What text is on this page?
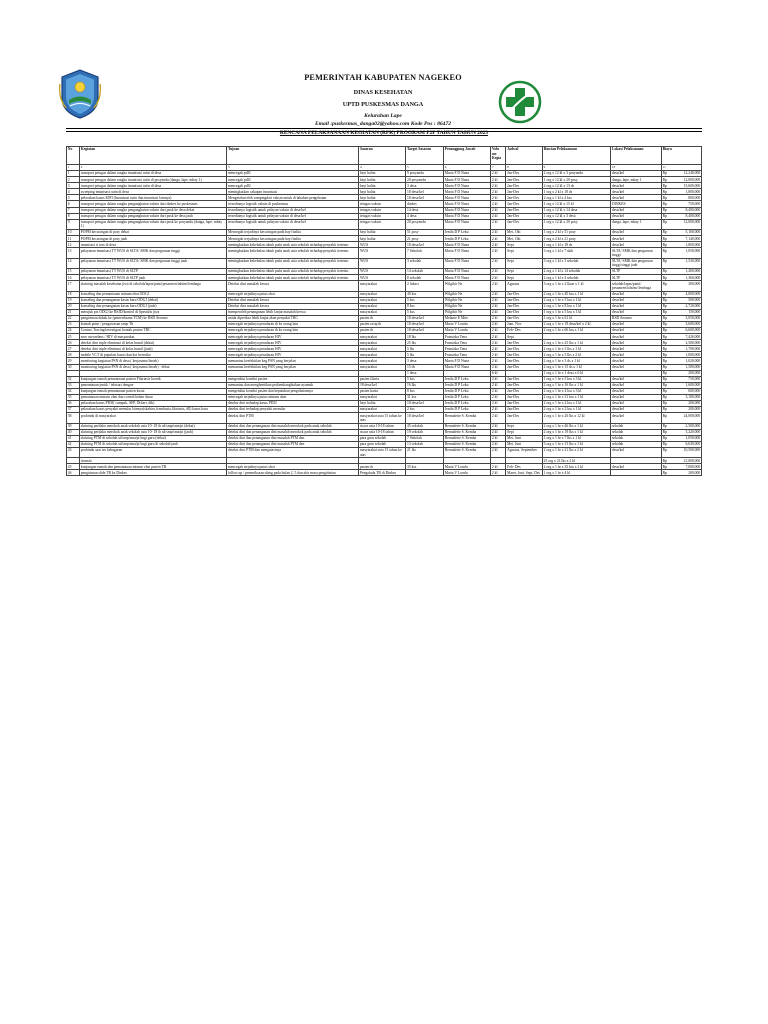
PEMERINTAH KABUPATEN NAGEKEO
DINAS KESEHATAN
UPTD PUSKESMAS DANGA
Kelurahan Lape
Email :puskesmas_danga02@yahoo.com Kode Pos : 86472
RENCANA PELAKSANAAN KEGIATAN (RPK) PROGRAM P2P TAHUN TAHUN 2023
No	Kegiatan	Tujuan	Sasaran	Target Sasaran	Penanggung Jawab	Volu me Kegia	Jadwal	Rincian Pelaksanaan	Lokasi Pelaksanaan	Biaya
1	2	3	4	5	6	7	8	9	10	11
1	transport petugas dalam rangka imunisasi rutin di desa	mencegah pd3I	bayi balita	9 posyandu	Maria F D Nuna	2 kl	Jan-Des	2 org x 12 kl x 3 posyandu	desa/kel	Rp 12,240,000

2	transport petugas dalam rangka imunisasi rutin di posyandu (danga, lape, mbay 1)	mencegah pd3I	bayi balita	20 posyandu	Maria F D Nuna	2 kl	Jan-Des	1 org x 12 kl x 20 posy	danga, lape, mbay 1	Rp 12,000,000

3	transport petugas dalam rangka imunisasi rutin di desa	mencegah pd3I	bayi balita	3 desa	Maria F D Nuna	2 kl	Jan-Des	2 org x 12 kl x 13 ds	desa/kel	Rp 15,600,000

4	sweeping imunisasi rutin di desa	meningkatkan cakupan imunisasi	bayi balita	18 desa/kel	Maria F D Nuna	2 kl	Jan-Des	1 org x 2 kl x 18 ds	desa/kel	Rp 1,800,000

5	pelacakan kasus KIPI (Imunisasi rutin dan imunisasi lainnya)	Mengetahui efek sampingdari vaksin untuk di lakukan pengobatan	bayi balita	18 desa/kel	Maria F D Nuna	2 kl	Jan-Des	2 org x 1 kl x 4 kss	desa/kel	Rp 800,000

6	transport petugas dalam rangka pengangkutan vaksin dari dinkes ke puskesmas	tersedianya logistik vaksin di puskesmas	tetugas vaksin	dinkes	Maria F D Nuna	2 kl	Jan-Des	1 org x 12 kl x 15 kl	DINKES	Rp 750,000

7	transport petugas dalam rangka pengangkutan vaksin dari pusk ke desa dekat	tersedianya logistik untuk pelayan vaksin di desa/kel	tetugas vaksin	14 desa	Maria F D Nuna	2 kl	Jan-Des	1 org x 12 kl x 14 desa	desa/kel	Rp 8,400,000

8	transport petugas dalam rangka pengangkutan vaksin dari pusk ke desa jauh	tersedianya logistik untuk pelayan vaksin di desa/kel	tetugas vaksin	4 desa	Maria F D Nuna	2 kl	Jan-Des	1 org x 12 kl x 3 desa	desa/kel	Rp 8,400,000

9	transport petugas dalam rangka pengangkutan vaksin dari pusk ke posyandu (danga, lape, mbay 1)	tersedianya logistik untuk pelayan vaksin di desa/kel	tetugas vaksin	20 posyandu	Maria F D Nuna	2 kl	Jan-Des	1 org x 12 kl x 20 posy	danga, lape, mbay 1	Rp 12,000,000

10	POPM kecacingan di posy dekat	Mencegah terjadinya kecacingan pada bayi balita	bayi balita	51 posy	Jenifa D P Leku	2 kl	Mei, Okt	1 org x 2 kl x 51 posy	desa/kel	Rp 5,100,000

11	POPM kecacingan di posy jauh	Mencegah terjadinya kecacingan pada bayi balita	bayi balita	21 posy	Jenifa D P Leku	2 kl	Mei, Okt	1 org x 2 kl x 21 posy	desa/kel	Rp 7,140,000

12	imunisasi tt wus di desa	meningkatkan kekebalan tubuh pada anak usia sekolah terhadap penyakit tertentu	WUS	18 desa/kel	Maria F D Nuna	2 kl	Sept	1 org x 1 kl x 18 ds	desa/kel	Rp 1,800,000

13	pelayanan imunisasi TT WUS di SLTA/ SMK dan perguruan tinggi	meningkatkan kekebalan tubuh pada anak usia sekolah terhadap penyakit tertentu	WUS	7 Sekolah	Maria F D Nuna	2 kl	Sept	3 org x 1 kl x 7 skih	SLTA/ SMK dan perguruan tinggi	Rp 1,050,000

14	pelayanan imunisasi TT WUS di SLTA/ SMK dan perguruan tinggi jauh	meningkatkan kekebalan tubuh pada anak usia sekolah terhadap penyakit tertentu	WUS	3 sekolah	Maria F D Nuna	2 kl	Sept	3 org x 1 kl x 3 sekolah	SLTA/ SMK dan perguruan tinggi tinggi jauh	Rp 1,530,000

15	pelayanan imunisasi TT WUS di SLTP	meningkatkan kekebalan tubuh pada anak usia sekolah terhadap penyakit tertentu	WUS	14 sekolah	Maria F D Nuna	2 kl	Sept	2 org x 1 kl x 14 sekolah	SLTP	Rp 1,400,000

16	pelayanan imunisasi TT WUS di SLTP jauh	meningkatkan kekebalan tubuh pada anak usia sekolah terhadap penyakit tertentu	WUS	8 sekolah	Maria F D Nuna	2 kl	Sept	2 org x 1 kl x 4 sekolah	SLTP	Rp 1,360,000

17	skrining masalah kesehatan jiwa di sekolah/lapas/panti/pesantren/tahtim/lembaga	Deteksi dini masalah keswa	masyarakat	2 lokasi	Wilgibir Ne	2 kl	Agustus	3 org x 1 hr x 2 lkasi x 1 kl	sekolah/lapas/panti/ pesantren/tahtim/ lembaga	Rp 300,000

18	konseling dan pemantauan minum obat ODGJ	mencegah terjadinya putus obat	masyarakat	40 kss	Wilgibir Ne	2 kl	Jan-Des	2 org x 1 hr x 40 kss x 1 kl	desa/kel	Rp 4,000,000

19	konseling dan penanganan kasus baru ODGJ (dekat)	Deteksi dini masalah keswa	masyarakat	5 kss	Wilgibir Ne	2 kl	Jan-Des	2 org x 1 hr x 5 kss x 1 kl	desa/kel	Rp 500,000

20	konseling dan penanganan kasus baru ODGJ (jauh)	Deteksi dini masalah keswa	masyarakat	8 kss	Wilgibir Ne	2 kl	Jan-Des	2 org x 1 hr x 8 kss x 1 kl	desa/kel	Rp 2,720,000

21	merujuk pts ODGJ ke RSJD/kontrol di Spesialis jiwa	memperoleh penanganan lebih lanjut masalah keswa	masyarakat	5 kss	Wilgibir Ne	2 kl	Jan-Des	1 org x 1 hr x 5 kss x 1 kl	desa/kel	Rp 150,000

22	pengiriman dahak ke (pemeriksaan TCM) ke RSD Aeramo	untuk diperiksa lebih lanjut akan penyakit TBC	pasien tb	18 desa/kel	Melanie E Mite	2 kl	Jan-Des	1 org x 1 hr x 61 kl	RSD Aeramo	Rp 3,050,000

23	kontak point / pengawasan rasip Tb	mencegah terjadinya penularan tb ke orang lain	pasien rasip tb	18 desa/kel	Maria V Londu	2 kl	Juni, Nov	2 org x 1 hr x 18 desa/kel x 2 kl	desa/kel	Rp 3,600,000

24	Contact Tracing/investigasi kontak pasien TBC	mencegah terjadinya penularan tb ke orang lain	pasien tb	18 desa/kel	Maria V Londu	2 kl	Feb- Des	2 org x 1 hr x 66 kss x 1 kl	desa/kel	Rp 6,600,000

25	zero survaelans / HIV di masyarakat	mencegah terjadinya penularan HIV	masyarakat	18 lks	Fransiska Tena	2 kl	Sept		desa/kel	Rp 7,420,000

26	deteksi dini triple eliminasi di kelas bumil (dekat)	mencegah terjadinya penularan HIV	masyarakat	25 lks	Fransiska Tena	2 kl	Jan-Des	2 org x 1 hr x 25 lks x 1 kl	desa/kel	Rp 2,500,000

27	deteksi dini triple eliminasi di kelas bumil (jauh)	mencegah terjadinya penularan HIV	masyarakat	5 lks	Fransiska Tena	2 kl	Jan-Des	2 org x 1 hr x 5 lks x 1 kl	desa/kel	Rp 1,700,000

28	mobile VCT di populasi kunci dan kss beresiko	mencegah terjadinya penularan HIV	masyarakat	5 lks	Fransiska Tena	2 kl	Jan-Des	2 org x 1 hr x 5 lks x 2 kl	desa/kel	Rp 1,000,000

29	monitoring kegiatan PSN di desa ( kerjasama linsek)	memantau keefektifan keg PSN yang berjalan	masyarakat	3 desa	Maria F D Nuna	2 kl	Jan-Des	2 org x 1 hr x 3 ds x 1 kl	desa/kel	Rp 1,020,000

30	monitoring kegiatan PSN di desa ( kerjasama linsek) - dekat	memantau keefektifan keg PSN yang berjalan	masyarakat	15 ds	Maria F D Nuna	2 kl	Jan-Des	2 org x 1 hr x 15 ds x 1 kl	desa/kel	Rp 1,500,000

				1 desa		6 kl		1 org x 1 hr x 1 desa x 6 kl		Rp 200,000

32	kunjungan rumah pemantauan pasien Filariasis kronik	mengetahui kondisi pasien	pasien filaria	5 kss	Jenifa D P Leku	2 kl	Jan-Des	1 org x 1 hr x 5 kss x 3 kl	desa/kel	Rp 750,000

33	pemantauan jentik / telusuri dengue	memantau dan menghentikan perkembangbiakan nyamuk	18 desa/kel	16 lks	Jenifa D P Leku	2 kl	Jan-Des	2 org x 1 hr x 16 lks x 1 kl	desa/kel	Rp 1,600,000

34	kunjungan rumah pemantauan pasien kusta	mengetahui kondisi pasien dan kepatuhan pengobatannya	pasien kusta	8 kss	Jenifa D P Leku	2 kl	Jan-Des	2 org x 1 hr x 4 kss x 3 kl	desa/kel	Rp 600,000

35	pemantauan minum obat dan contoh bahan dasar	mencegah terjadinya putus minum obat	masyarakat	31 kss	Jenifa D P Leku	2 kl	Jan-Des	2 org x 1 hr x 31 kss x 1 kl	desa/kel	Rp 3,100,000

36	pelacakan kasus PD3I( campak, AFP, Difteri, dtb)	deteksi dini terhadap kasus PD3I	bayi balita	18 desa/kel	Jenifa D P Leku	2 kl	Jan-Des	2 org x 1 hr x 2 kss x 1 kl	desa/kel	Rp 200,000

37	pelacakan kasus penyakit menular lainnya(skabies,frambusia,filariasis, dll) kasus baru	deteksi dini terhadap penyakit menular	masyarakat	2 kss	Jenifa D P Leku	2 kl	Jan-Des	2 org x 1 hr x 2 kss x 1 kl	desa/kel	Rp 200,000

38	posbindu di masyarakat	deteksi dini PTM	masyarakat usia 15 tahun ke atas	18 desa/kel	Bernadette S. Kemba	2 kl	Jan-Des	2 org x 1 hr x 20 lks x 12 kl	desa/kel	Rp 24,000,000

39	skrining perilaku merokok anak sekolah usia 10- 18 th sd/smp/sma/pt (dekat)	deteksi dini dan penanganan dini masalah merokok pada anak sekolah	siswa usia 10-18 tahun	45 sekolah	Bernadette S. Kemba	2 kl	Sept	2 org x 1 hr x 46 lks x 1 kl	sekolah	Rp 2,500,000

40	skrining perilaku merokok anak sekolah usia 10- 18 th sd/smp/sma/pt (jauh)	deteksi dini dan penanganan dini masalah merokok pada anak sekolah	siswa usia 10-18 tahun	19 sekolah	Bernadette S. Kemba	2 kl	Sept	2 org x 1 hr x 19 lks x 1 kl	sekolah	Rp 5,220,000

41	skrining PTM di sekolah sd/smp/sma/pt bagi guru (dekat)	deteksi dini dan penanganan dini masalah PTM dan	para guru sekolah	7 Sekolah	Bernadette S. Kemba	2 kl	Mei, Juni	1 org x 1 hr x 7 lks x 1 kl	sekolah	Rp 1,050,000

42	skrining PTM di sekolah sd/smp/sma/pt bagi guru di sekolah jauh	deteksi dini dan penanganan dini masalah PTM dan	para guru sekolah	13 sekolah	Bernadette S. Kemba	2 kl	Mei, Juni	3 org x 1 hr x 13 lks x 1 kl	sekolah	Rp 6,630,000

43	posbindu saat tes kebugaran	deteksi dini PTM dan mengatasinya	masyarakat usia 15 tahun ke atas	21 lks	Bernadette S. Kemba	2 kl	Agustus, September	2 org x 1 hr x 21 lks x 2 kl	desa/kel	Rp 10,500,000

	ttransfo							25 org x 21 lks x 2 kl		Rp 21,000,000

45	kunjungan rumah dan pemantauan minum obat pasien TB	mencegah terjadinya putus obat	pasien tb	35 kss	Maria V Londu	2 kl	Feb- Des	2 org x 1 hr x 35 kss x 2 kl	desa/kel	Rp 7,000,000

46	pengiriman slide TB ke Dinkes	follow up / pemeriksaan ulang pada bulan 2, 5 dan akir masa pengobatan	Pengobala TB di Dinkes		Maria V Londu	2 kl	Maret, Juni, Sept, Des	1 org x 1 hr x 4 kl		Rp 200,000
